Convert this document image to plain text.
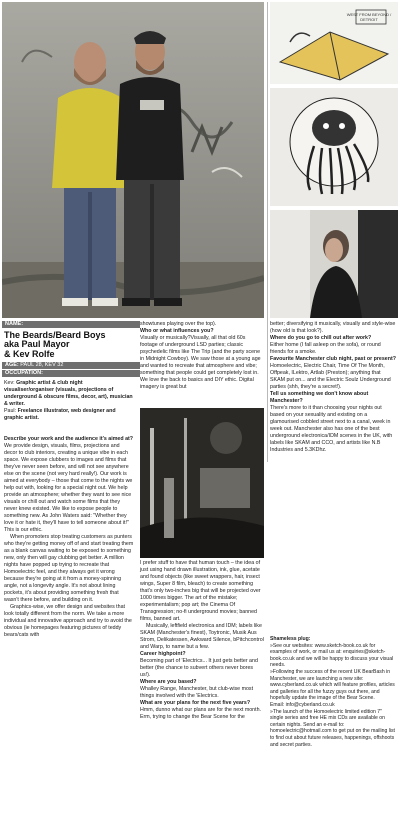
WEST FROM BEYOND / DETROIT
NAME:
The Beards/Beard Boys
aka Paul Mayor
& Kev Rolfe
AGE: PAUL 28, KEV 32
OCCUPATION:

Kev: Graphic artist & club night visualiser/organiser (visuals, projections of underground & obscure films, decor, art), musician & writer.

Paul: Freelance illustrator, web designer and graphic artist.

showtunes playing over the top).

Who or what influences you?

Visually or musically?Visually, all that old 60s footage of underground LSD parties; classic psychedelic films like The Trip (and the party scene in Midnight Cowboy). We saw those at a young age and wanted to recreate that atmosphere and vibe; something that people could get completely lost in. We love the back to basics and DIY ethic. Digital imagery is great but

Describe your work and the audience it's aimed at?

We provide design, visuals, films, projections and decor to club interiors, creating a unique vibe in each space. We expose clubbers to images and films that they've never seen before, and will not see anywhere else on the scene (not very hard really!). Our work is aimed at everybody – those that come to the nights we help out with, looking for a special night out. We help provide an atmosphere; whether they want to see nice visuals or chill out and watch some films that they never knew existed. We like to expose people to something new. As John Waters said: "Whether they love it or hate it, they'll have to tell someone about it!" This is our ethic.

When promoters stop treating customers as punters who they're getting money off of and start treating them as a blank canvas waiting to be exposed to something new, only then will gay clubbing get better. A million nights have popped up trying to recreate that Homoelectric feel, and they always get it wrong because they're going at it from a money-spinning angle, not a longevity angle. It's not about lining pockets, it's about providing something fresh that wasn't there before, and building on it.

Graphics-wise, we offer design and websites that look totally different from the norm. We take a more individual and innovative approach and try to avoid the obvious (ie homepages featuring pictures of teddy bears/cats with

I prefer stuff to have that human touch – the idea of just using hand drawn illustration, ink, glue, acetate and found objects (like sweet wrappers, hair, insect wings, Super 8 film, bleach) to create something that's only two-inches big that will be projected over 1000 times bigger. The art of the mistake; experimentalism; pop art; the Cinema Of Transgression; no-fi underground movies; banned films, banned art.

Musically, leftfield electronica and IDM; labels like SKAM (Manchester's finest), Toytronic, Musik Aus Strom, Delikatessen, Awkward Silence, bPitchcontrol and Warp, to name but a few.

Career highpoint?

Becoming part of 'Electrics... It just gets better and better (the chance to subvert others never bores us!).

Where are you based?

Whalley Range, Manchester, but club-wise most things involved with the 'Electrics.

What are your plans for the next five years?

Hmm, dunno what our plans are for the next month. Erm, trying to change the Bear Scene for the

better; diversifying it musically, visually and style-wise (how old is that look?).

Where do you go to chill out after work?

Either home (I fall asleep on the sofa), or round friends for a smoke.

Favourite Manchester club night, past or present?

Homoelectric, Electric Chair, Time Of The Month, Offpeak, ILektro, Artlab (Preston); anything that SKAM put on... and the Electric Soulz Underground parties (shh, they're a secret!).

Tell us something we don't know about Manchester?

There's more to it than choosing your nights out based on your sexuality and existing on a glamourised cobbled street next to a canal, week in week out. Manchester also has one of the best underground electronica/IDM scenes in the UK, with labels like SKAM and CCO, and artists like N.B Industries and 5.3KDhz.

Shameless plug:

»See our websites: www.sketch-book.co.uk for examples of work, or mail us at: enquiries@sketch-book.co.uk and we will be happy to discuss your visual needs.

»Following the success of the recent UK BearBash in Manchester, we are launching a new site: www.cyberland.co.uk which will feature profiles, articles and galleries for all the fuzzy guys out there, and hopefully update the image of the Bear Scene.

Email: info@cyberland.co.uk

»The launch of the Homoelectric limited edition 7" single series and free HE mix CDs are available on certain nights. Send an e-mail to: homoelectric@hotmail.com to get put on the mailing list to find out about future releases, happenings, offshoots and secret parties.
